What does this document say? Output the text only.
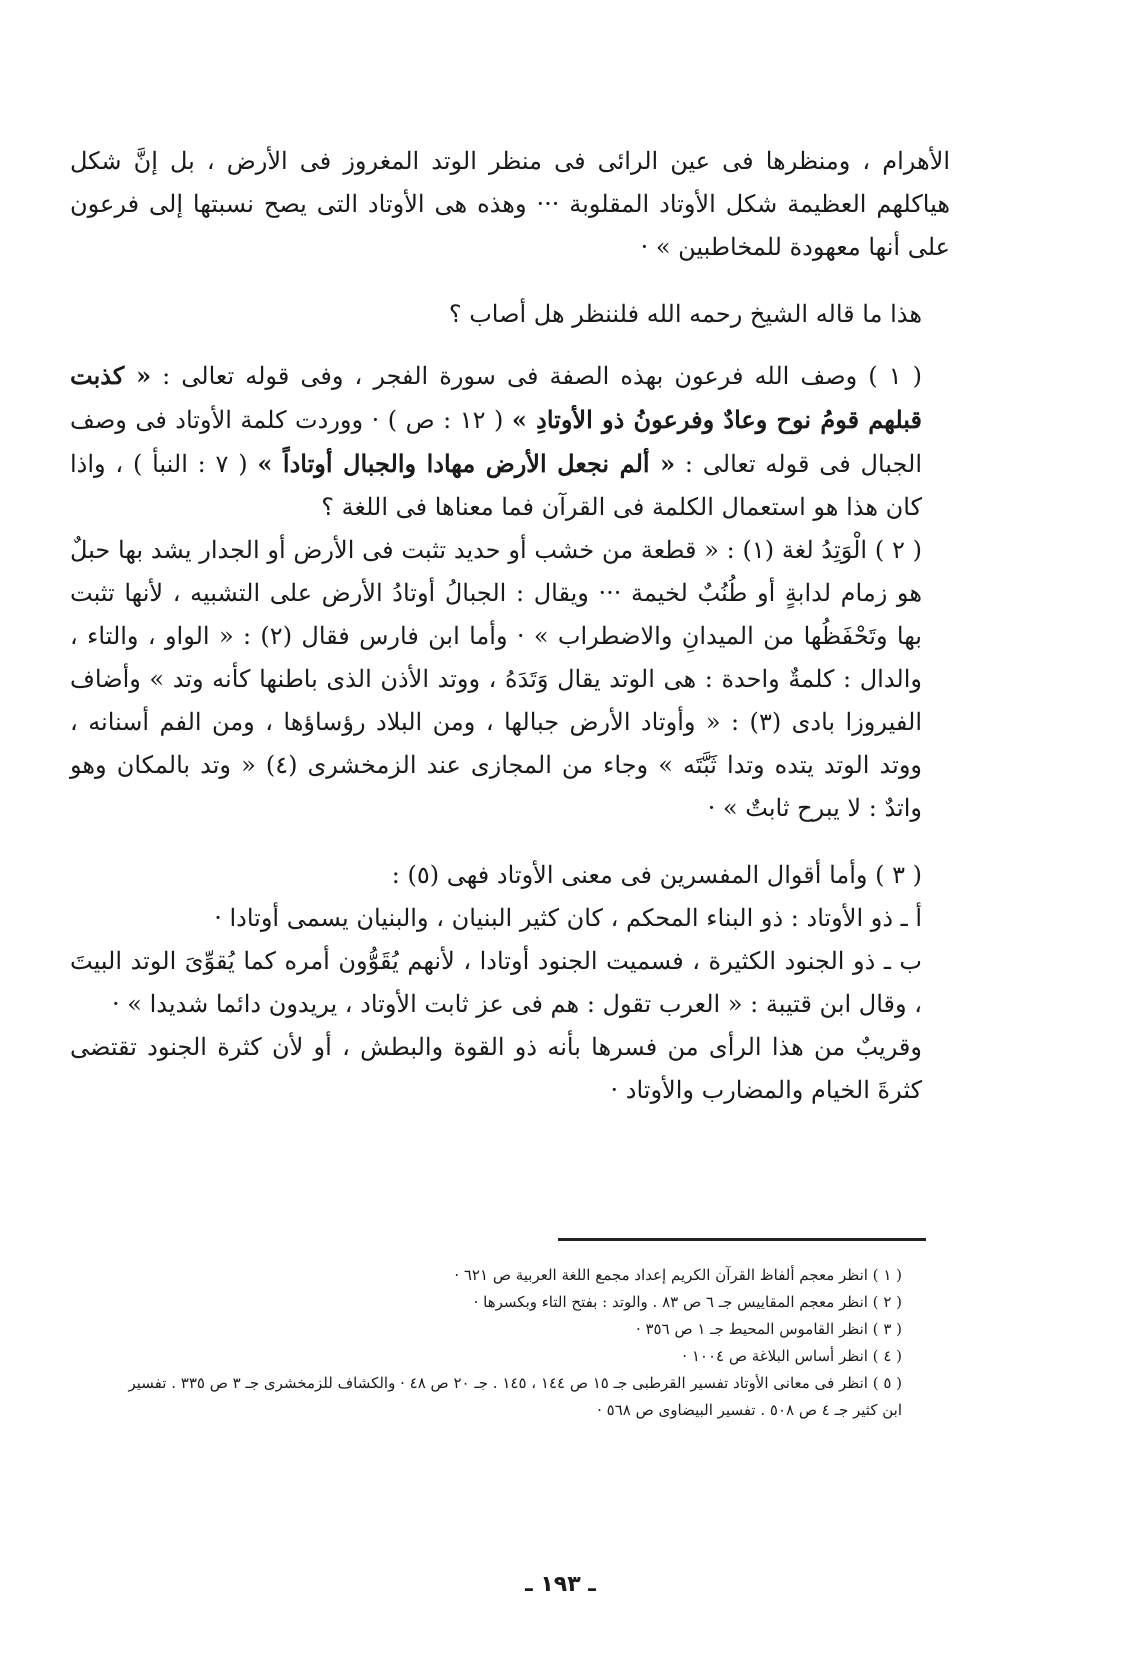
الأهرام ، ومنظرها فى عين الرائى فى منظر الوتد المغروز فى الأرض ، بل إنَّ شكل هياكلهم العظيمة شكل الأوتاد المقلوبة ··· وهذه هى الأوتاد التى يصح نسبتها إلى فرعون على أنها معهودة للمخاطبين » ·

هذا ما قاله الشيخ رحمه الله فلننظر هل أصاب ؟

( ١ ) وصف الله فرعون بهذه الصفة فى سورة الفجر ، وفى قوله تعالى : « كذبت قبلهم قومُ نوح وعادٌ وفرعونُ ذو الأوتادِ » ( ١٢ : ص ) · ووردت كلمة الأوتاد فى وصف الجبال فى قوله تعالى : « ألم نجعل الأرض مهادا والجبال أوتاداً » ( ٧ : النبأ ) ، واذا كان هذا هو استعمال الكلمة فى القرآن فما معناها فى اللغة ؟

( ٢ ) الْوَتِدُ لغة (١) : « قطعة من خشب أو حديد تثبت فى الأرض أو الجدار يشد بها حبلٌ هو زمام لدابةٍ أو طُنُبٌ لخيمة ··· ويقال : الجبالُ أوتادُ الأرض على التشبيه ، لأنها تثبت بها وتَحْفَظُها من الميدانِ والاضطراب » · وأما ابن فارس فقال (٢) : « الواو ، والتاء ، والدال : كلمةٌ واحدة : هى الوتد يقال وَتَدَهُ ، ووتد الأذن الذى باطنها كأنه وتد » وأضاف الفيروزا بادى (٣) : « وأوتاد الأرض جبالها ، ومن البلاد رؤساؤها ، ومن الفم أسنانه ، ووتد الوتد يتده وتدا ثَبَّتَه » وجاء من المجازى عند الزمخشرى (٤) « وتد بالمكان وهو واتدٌ : لا يبرح ثابتٌ » ·

( ٣ ) وأما أقوال المفسرين فى معنى الأوتاد فهى (٥) :

أ ـ ذو الأوتاد : ذو البناء المحكم ، كان كثير البنيان ، والبنيان يسمى أوتادا ·

ب ـ ذو الجنود الكثيرة ، فسميت الجنود أوتادا ، لأنهم يُقَوُّون أمره كما يُقوِّىَ الوتد البيتَ ، وقال ابن قتيبة : « العرب تقول : هم فى عز ثابت الأوتاد ، يريدون دائما شديدا » ·

وقريبٌ من هذا الرأى من فسرها بأنه ذو القوة والبطش ، أو لأن كثرة الجنود تقتضى كثرةَ الخيام والمضارب والأوتاد ·

( ١ ) انظر معجم ألفاظ القرآن الكريم إعداد مجمع اللغة العربية ص ٦٢١ ·

( ٢ ) انظر معجم المقاييس جـ ٦ ص ٨٣ . والوتد : بفتح التاء وبكسرها ·

( ٣ ) انظر القاموس المحيط جـ ١ ص ٣٥٦ ·

( ٤ ) انظر أساس البلاغة ص ١٠٠٤ ·

( ٥ ) انظر فى معانى الأوتاد تفسير القرطبى جـ ١٥ ص ١٤٤ ، ١٤٥ . جـ ٢٠ ص ٤٨ · والكشاف للزمخشرى جـ ٣ ص ٣٣٥ . تفسير

ابن كثير جـ ٤ ص ٥٠٨ . تفسير البيضاوى ص ٥٦٨ ·

ـ ١٩٣ ـ
